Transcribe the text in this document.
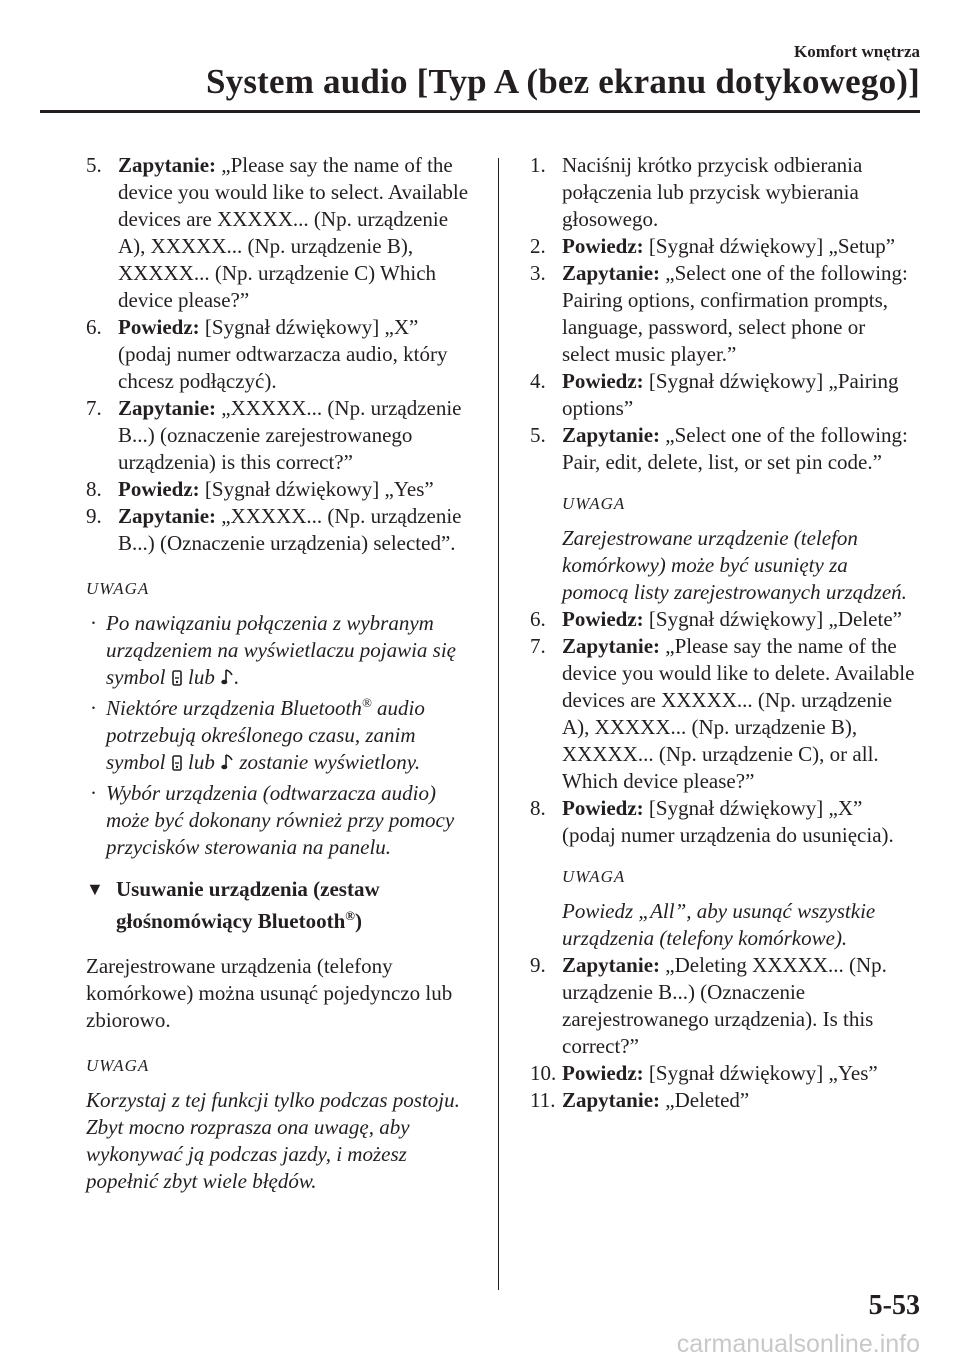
Komfort wnętrza
System audio [Typ A (bez ekranu dotykowego)]

5. Zapytanie: „Please say the name of the device you would like to select. Available devices are XXXXX... (Np. urządzenie A), XXXXX... (Np. urządzenie B), XXXXX... (Np. urządzenie C) Which device please?”

6. Powiedz: [Sygnał dźwiękowy] „X” (podaj numer odtwarzacza audio, który chcesz podłączyć).

7. Zapytanie: „XXXXX... (Np. urządzenie B...) (oznaczenie zarejestrowanego urządzenia) is this correct?”

8. Powiedz: [Sygnał dźwiękowy] „Yes”

9. Zapytanie: „XXXXX... (Np. urządzenie B...) (Oznaczenie urządzenia) selected”.

UWAGA
· Po nawiązaniu połączenia z wybranym urządzeniem na wyświetlaczu pojawia się symbol lub .
· Niektóre urządzenia Bluetooth® audio potrzebują określonego czasu, zanim symbol lub zostanie wyświetlony.
· Wybór urządzenia (odtwarzacza audio) może być dokonany również przy pomocy przycisków sterowania na panelu.
▼ Usuwanie urządzenia (zestaw głośnomówiący Bluetooth®)
Zarejestrowane urządzenia (telefony komórkowe) można usunąć pojedynczo lub zbiorowo.
UWAGA
Korzystaj z tej funkcji tylko podczas postoju. Zbyt mocno rozprasza ona uwagę, aby wykonywać ją podczas jazdy, i możesz popełnić zbyt wiele błędów.

1. Naciśnij krótko przycisk odbierania połączenia lub przycisk wybierania głosowego.

2. Powiedz: [Sygnał dźwiękowy] „Setup”

3. Zapytanie: „Select one of the following: Pairing options, confirmation prompts, language, password, select phone or select music player.”

4. Powiedz: [Sygnał dźwiękowy] „Pairing options”

5. Zapytanie: „Select one of the following: Pair, edit, delete, list, or set pin code.”

UWAGA
Zarejestrowane urządzenie (telefon komórkowy) może być usunięty za pomocą listy zarejestrowanych urządzeń.

6. Powiedz: [Sygnał dźwiękowy] „Delete”

7. Zapytanie: „Please say the name of the device you would like to delete. Available devices are XXXXX... (Np. urządzenie A), XXXXX... (Np. urządzenie B), XXXXX... (Np. urządzenie C), or all. Which device please?”

8. Powiedz: [Sygnał dźwiękowy] „X” (podaj numer urządzenia do usunięcia).

UWAGA
Powiedz „All”, aby usunąć wszystkie urządzenia (telefony komórkowe).

9. Zapytanie: „Deleting XXXXX... (Np. urządzenie B...) (Oznaczenie zarejestrowanego urządzenia). Is this correct?”

10. Powiedz: [Sygnał dźwiękowy] „Yes”

11. Zapytanie: „Deleted”

5-53
carmanualsonline.info
